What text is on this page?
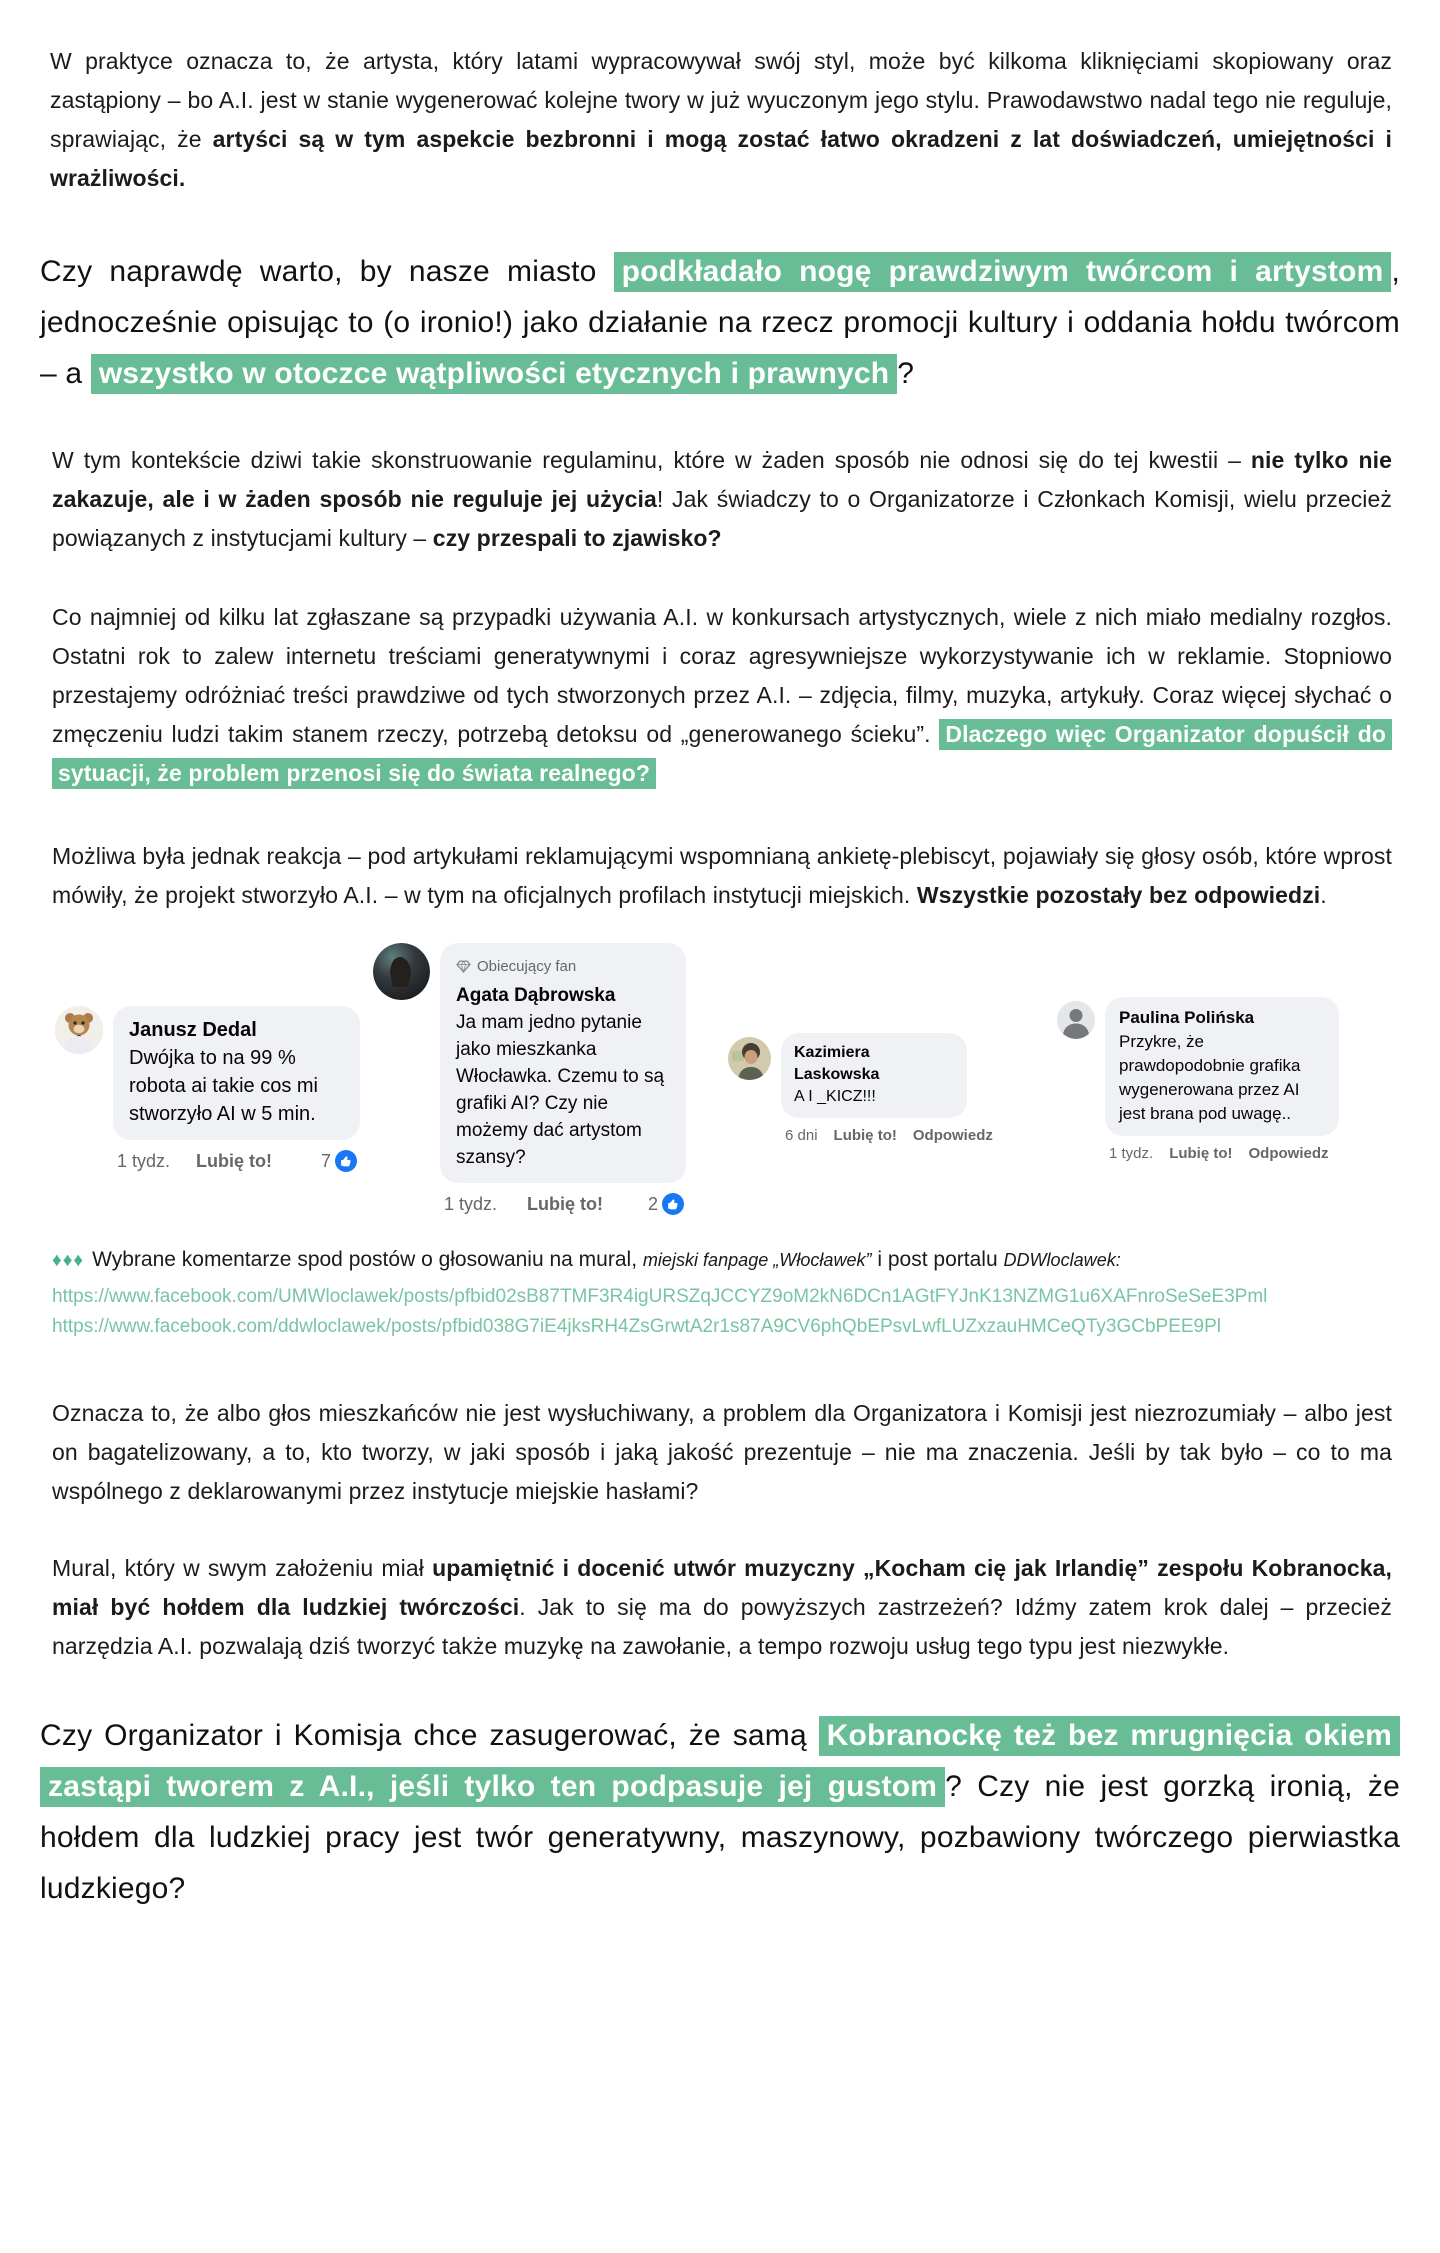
W praktyce oznacza to, że artysta, który latami wypracowywał swój styl, może być kilkoma kliknięciami skopiowany oraz zastąpiony – bo A.I. jest w stanie wygenerować kolejne twory w już wyuczonym jego stylu. Prawodawstwo nadal tego nie reguluje, sprawiając, że artyści są w tym aspekcie bezbronni i mogą zostać łatwo okradzeni z lat doświadczeń, umiejętności i wrażliwości.

Czy naprawdę warto, by nasze miasto podkładało nogę prawdziwym twórcom i artystom , jednocześnie opisując to (o ironio!) jako działanie na rzecz promocji kultury i oddania hołdu twórcom – a wszystko w otoczce wątpliwości etycznych i prawnych ?

W tym kontekście dziwi takie skonstruowanie regulaminu, które w żaden sposób nie odnosi się do tej kwestii – nie tylko nie zakazuje, ale i w żaden sposób nie reguluje jej użycia! Jak świadczy to o Organizatorze i Członkach Komisji, wielu przecież powiązanych z instytucjami kultury – czy przespali to zjawisko?

Co najmniej od kilku lat zgłaszane są przypadki używania A.I. w konkursach artystycznych, wiele z nich miało medialny rozgłos. Ostatni rok to zalew internetu treściami generatywnymi i coraz agresywniejsze wykorzystywanie ich w reklamie. Stopniowo przestajemy odróżniać treści prawdziwe od tych stworzonych przez A.I. – zdjęcia, filmy, muzyka, artykuły. Coraz więcej słychać o zmęczeniu ludzi takim stanem rzeczy, potrzebą detoksu od „generowanego ścieku”. Dlaczego więc Organizator dopuścił do sytuacji, że problem przenosi się do świata realnego?

Możliwa była jednak reakcja – pod artykułami reklamującymi wspomnianą ankietę-plebiscyt, pojawiały się głosy osób, które wprost mówiły, że projekt stworzyło A.I. – w tym na oficjalnych profilach instytucji miejskich. Wszystkie pozostały bez odpowiedzi.

Janusz Dedal
Dwójka to na 99 % robota ai takie cos mi stworzyło AI w 5 min.
1 tydz. Lubię to!	7
Obiecujący fan
Agata Dąbrowska
Ja mam jedno pytanie jako mieszkanka Włocławka. Czemu to są grafiki AI? Czy nie możemy dać artystom szansy?
1 tydz. Lubię to! 2
Kazimiera Laskowska
A I _KICZ!!!
6 dni Lubię to! Odpowiedz
Paulina Polińska
Przykre, że prawdopodobnie grafika wygenerowana przez AI jest brana pod uwagę..
1 tydz. Lubię to! Odpowiedz

♦♦♦ Wybrane komentarze spod postów o głosowaniu na mural, miejski fanpage „Włocławek” i post portalu DDWloclawek:

https://www.facebook.com/UMWloclawek/posts/pfbid02sB87TMF3R4igURSZqJCCYZ9oM2kN6DCn1AGtFYJnK13NZMG1u6XAFnroSeSeE3Pml
https://www.facebook.com/ddwloclawek/posts/pfbid038G7iE4jksRH4ZsGrwtA2r1s87A9CV6phQbEPsvLwfLUZxzauHMCeQTy3GCbPEE9Pl

Oznacza to, że albo głos mieszkańców nie jest wysłuchiwany, a problem dla Organizatora i Komisji jest niezrozumiały – albo jest on bagatelizowany, a to, kto tworzy, w jaki sposób i jaką jakość prezentuje – nie ma znaczenia. Jeśli by tak było – co to ma wspólnego z deklarowanymi przez instytucje miejskie hasłami?

Mural, który w swym założeniu miał upamiętnić i docenić utwór muzyczny „Kocham cię jak Irlandię” zespołu Kobranocka, miał być hołdem dla ludzkiej twórczości. Jak to się ma do powyższych zastrzeżeń? Idźmy zatem krok dalej – przecież narzędzia A.I. pozwalają dziś tworzyć także muzykę na zawołanie, a tempo rozwoju usług tego typu jest niezwykłe.

Czy Organizator i Komisja chce zasugerować, że samą Kobranockę też bez mrugnięcia okiem zastąpi tworem z A.I., jeśli tylko ten podpasuje jej gustom ? Czy nie jest gorzką ironią, że hołdem dla ludzkiej pracy jest twór generatywny, maszynowy, pozbawiony twórczego pierwiastka ludzkiego?
